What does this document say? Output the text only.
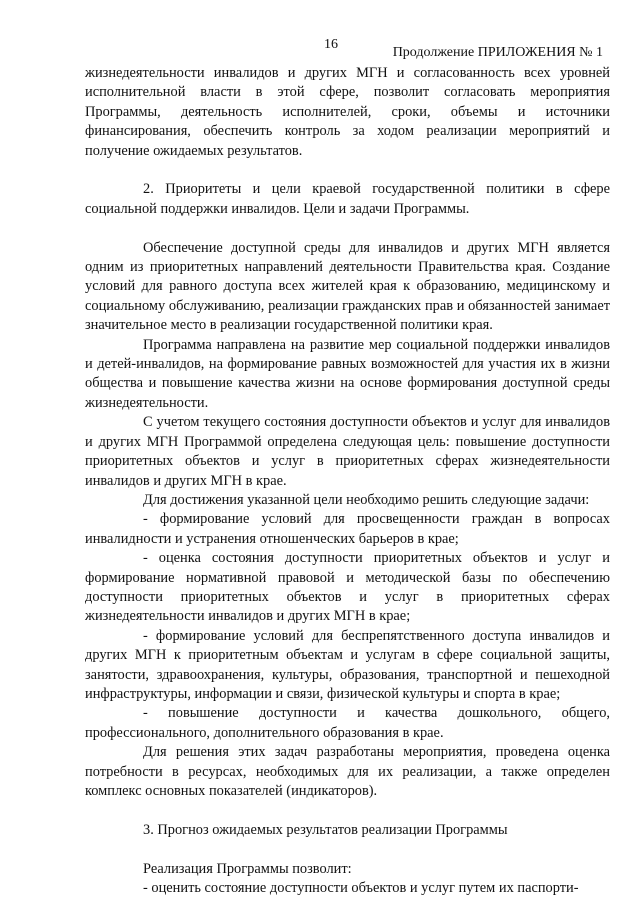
16
Продолжение ПРИЛОЖЕНИЯ № 1

жизнедеятельности инвалидов и других МГН и согласованность всех уровней исполнительной власти в этой сфере, позволит согласовать мероприятия Программы, деятельность исполнителей, сроки, объемы и источники финансирования, обеспечить контроль за ходом реализации мероприятий и получение ожидаемых результатов.

2. Приоритеты и цели краевой государственной политики в сфере социальной поддержки инвалидов. Цели и задачи Программы.

Обеспечение доступной среды для инвалидов и других МГН является одним из приоритетных направлений деятельности Правительства края. Создание условий для равного доступа всех жителей края к образованию, медицинскому и социальному обслуживанию, реализации гражданских прав и обязанностей занимает значительное место в реализации государственной политики края.

Программа направлена на развитие мер социальной поддержки инвалидов и детей-инвалидов, на формирование равных возможностей для участия их в жизни общества и повышение качества жизни на основе формирования доступной среды жизнедеятельности.

С учетом текущего состояния доступности объектов и услуг для инвалидов и других МГН Программой определена следующая цель: повышение доступности приоритетных объектов и услуг в приоритетных сферах жизнедеятельности инвалидов и других МГН в крае.

Для достижения указанной цели необходимо решить следующие задачи:

- формирование условий для просвещенности граждан в вопросах инвалидности и устранения отношенческих барьеров в крае;

- оценка состояния доступности приоритетных объектов и услуг и формирование нормативной правовой и методической базы по обеспечению доступности приоритетных объектов и услуг в приоритетных сферах жизнедеятельности инвалидов и других МГН в крае;

- формирование условий для беспрепятственного доступа инвалидов и других МГН к приоритетным объектам и услугам в сфере социальной защиты, занятости, здравоохранения, культуры, образования, транспортной и пешеходной инфраструктуры, информации и связи, физической культуры и спорта в крае;

- повышение доступности и качества дошкольного, общего, профессионального, дополнительного образования в крае.

Для решения этих задач разработаны мероприятия, проведена оценка потребности в ресурсах, необходимых для их реализации, а также определен комплекс основных показателей (индикаторов).

3. Прогноз ожидаемых результатов реализации Программы

Реализация Программы позволит:

- оценить состояние доступности объектов и услуг путем их паспорти-
